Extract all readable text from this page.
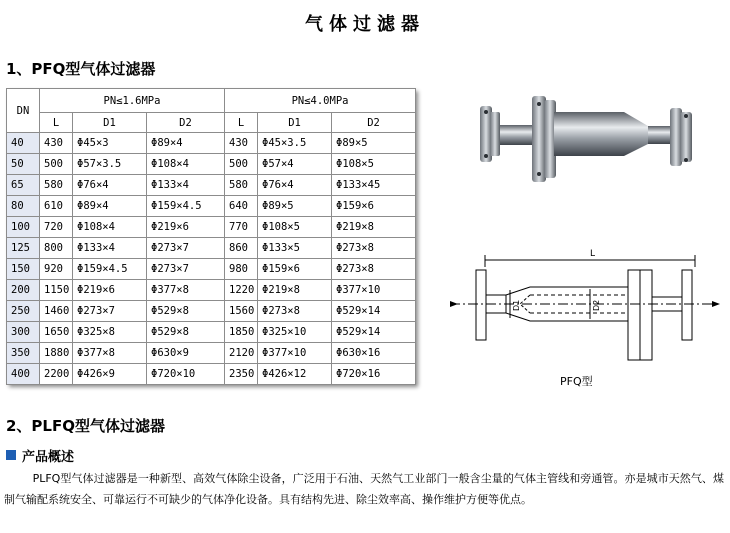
气体过滤器
1、PFQ型气体过滤器
DN	PN≤1.6MPa			PN≤4.0MPa		
	L	D1	D2	L	D1	D2
40	430	Φ45×3	Φ89×4	430	Φ45×3.5	Φ89×5
50	500	Φ57×3.5	Φ108×4	500	Φ57×4	Φ108×5
65	580	Φ76×4	Φ133×4	580	Φ76×4	Φ133×45
80	610	Φ89×4	Φ159×4.5	640	Φ89×5	Φ159×6
100	720	Φ108×4	Φ219×6	770	Φ108×5	Φ219×8
125	800	Φ133×4	Φ273×7	860	Φ133×5	Φ273×8
150	920	Φ159×4.5	Φ273×7	980	Φ159×6	Φ273×8
200	1150	Φ219×6	Φ377×8	1220	Φ219×8	Φ377×10
250	1460	Φ273×7	Φ529×8	1560	Φ273×8	Φ529×14
300	1650	Φ325×8	Φ529×8	1850	Φ325×10	Φ529×14
350	1880	Φ377×8	Φ630×9	2120	Φ377×10	Φ630×16
400	2200	Φ426×9	Φ720×10	2350	Φ426×12	Φ720×16
L
D1	D2
PFQ型
2、PLFQ型气体过滤器
产品概述
PLFQ型气体过滤器是一种新型、高效气体除尘设备，广泛用于石油、天然气工业部门一般含尘量的气体主管线和旁通管。亦是城市天然气、煤制气输配系统安全、可靠运行不可缺少的气体净化设备。具有结构先进、除尘效率高、操作维护方便等优点。
